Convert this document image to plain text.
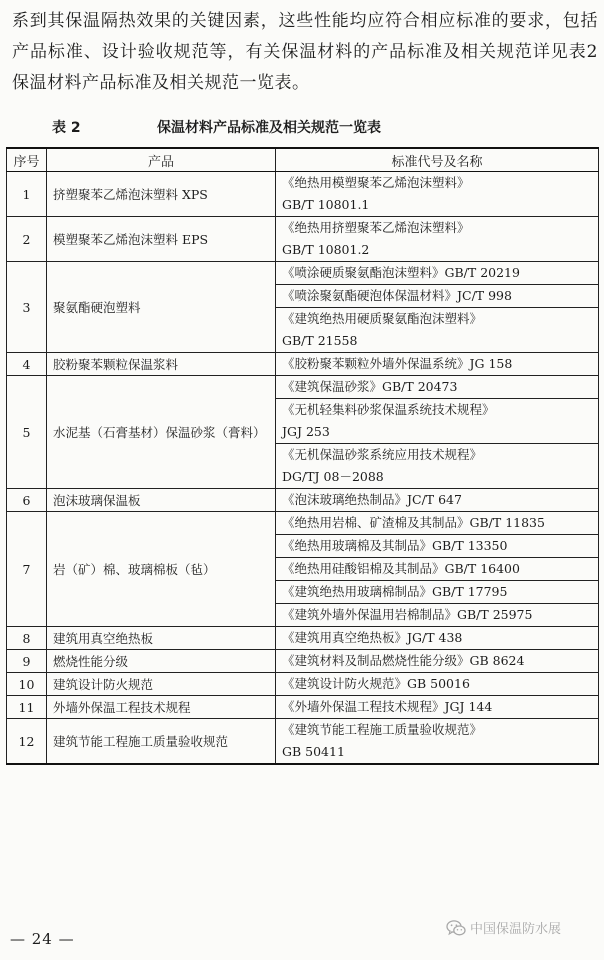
系到其保温隔热效果的关键因素，这些性能均应符合相应标准的要求，包括产品标准、设计验收规范等，有关保温材料的产品标准及相关规范详见表2保温材料产品标准及相关规范一览表。
表 2	保温材料产品标准及相关规范一览表
序号	产品	标准代号及名称
1	挤塑聚苯乙烯泡沫塑料 XPS	《绝热用模塑聚苯乙烯泡沫塑料》
GB/T 10801.1

2	模塑聚苯乙烯泡沫塑料 EPS	《绝热用挤塑聚苯乙烯泡沫塑料》
GB/T 10801.2

3	聚氨酯硬泡塑料	《喷涂硬质聚氨酯泡沫塑料》GB/T 20219

		《喷涂聚氨酯硬泡体保温材料》JC/T 998

		《建筑绝热用硬质聚氨酯泡沫塑料》
GB/T 21558

4	胶粉聚苯颗粒保温浆料	《胶粉聚苯颗粒外墙外保温系统》JG 158

5	水泥基（石膏基材）保温砂浆（膏料）	《建筑保温砂浆》GB/T 20473

		《无机轻集料砂浆保温系统技术规程》
JGJ 253

		《无机保温砂浆系统应用技术规程》
DG/TJ 08－2088

6	泡沫玻璃保温板	《泡沫玻璃绝热制品》JC/T 647

7	岩（矿）棉、玻璃棉板（毡）	《绝热用岩棉、矿渣棉及其制品》GB/T 11835

		《绝热用玻璃棉及其制品》GB/T 13350

		《绝热用硅酸铝棉及其制品》GB/T 16400

		《建筑绝热用玻璃棉制品》GB/T 17795

		《建筑外墙外保温用岩棉制品》GB/T 25975

8	建筑用真空绝热板	《建筑用真空绝热板》JG/T 438

9	燃烧性能分级	《建筑材料及制品燃烧性能分级》GB 8624

10	建筑设计防火规范	《建筑设计防火规范》GB 50016

11	外墙外保温工程技术规程	《外墙外保温工程技术规程》JGJ 144

12	建筑节能工程施工质量验收规范	《建筑节能工程施工质量验收规范》
GB 50411
— 24 —
中国保温防水展
